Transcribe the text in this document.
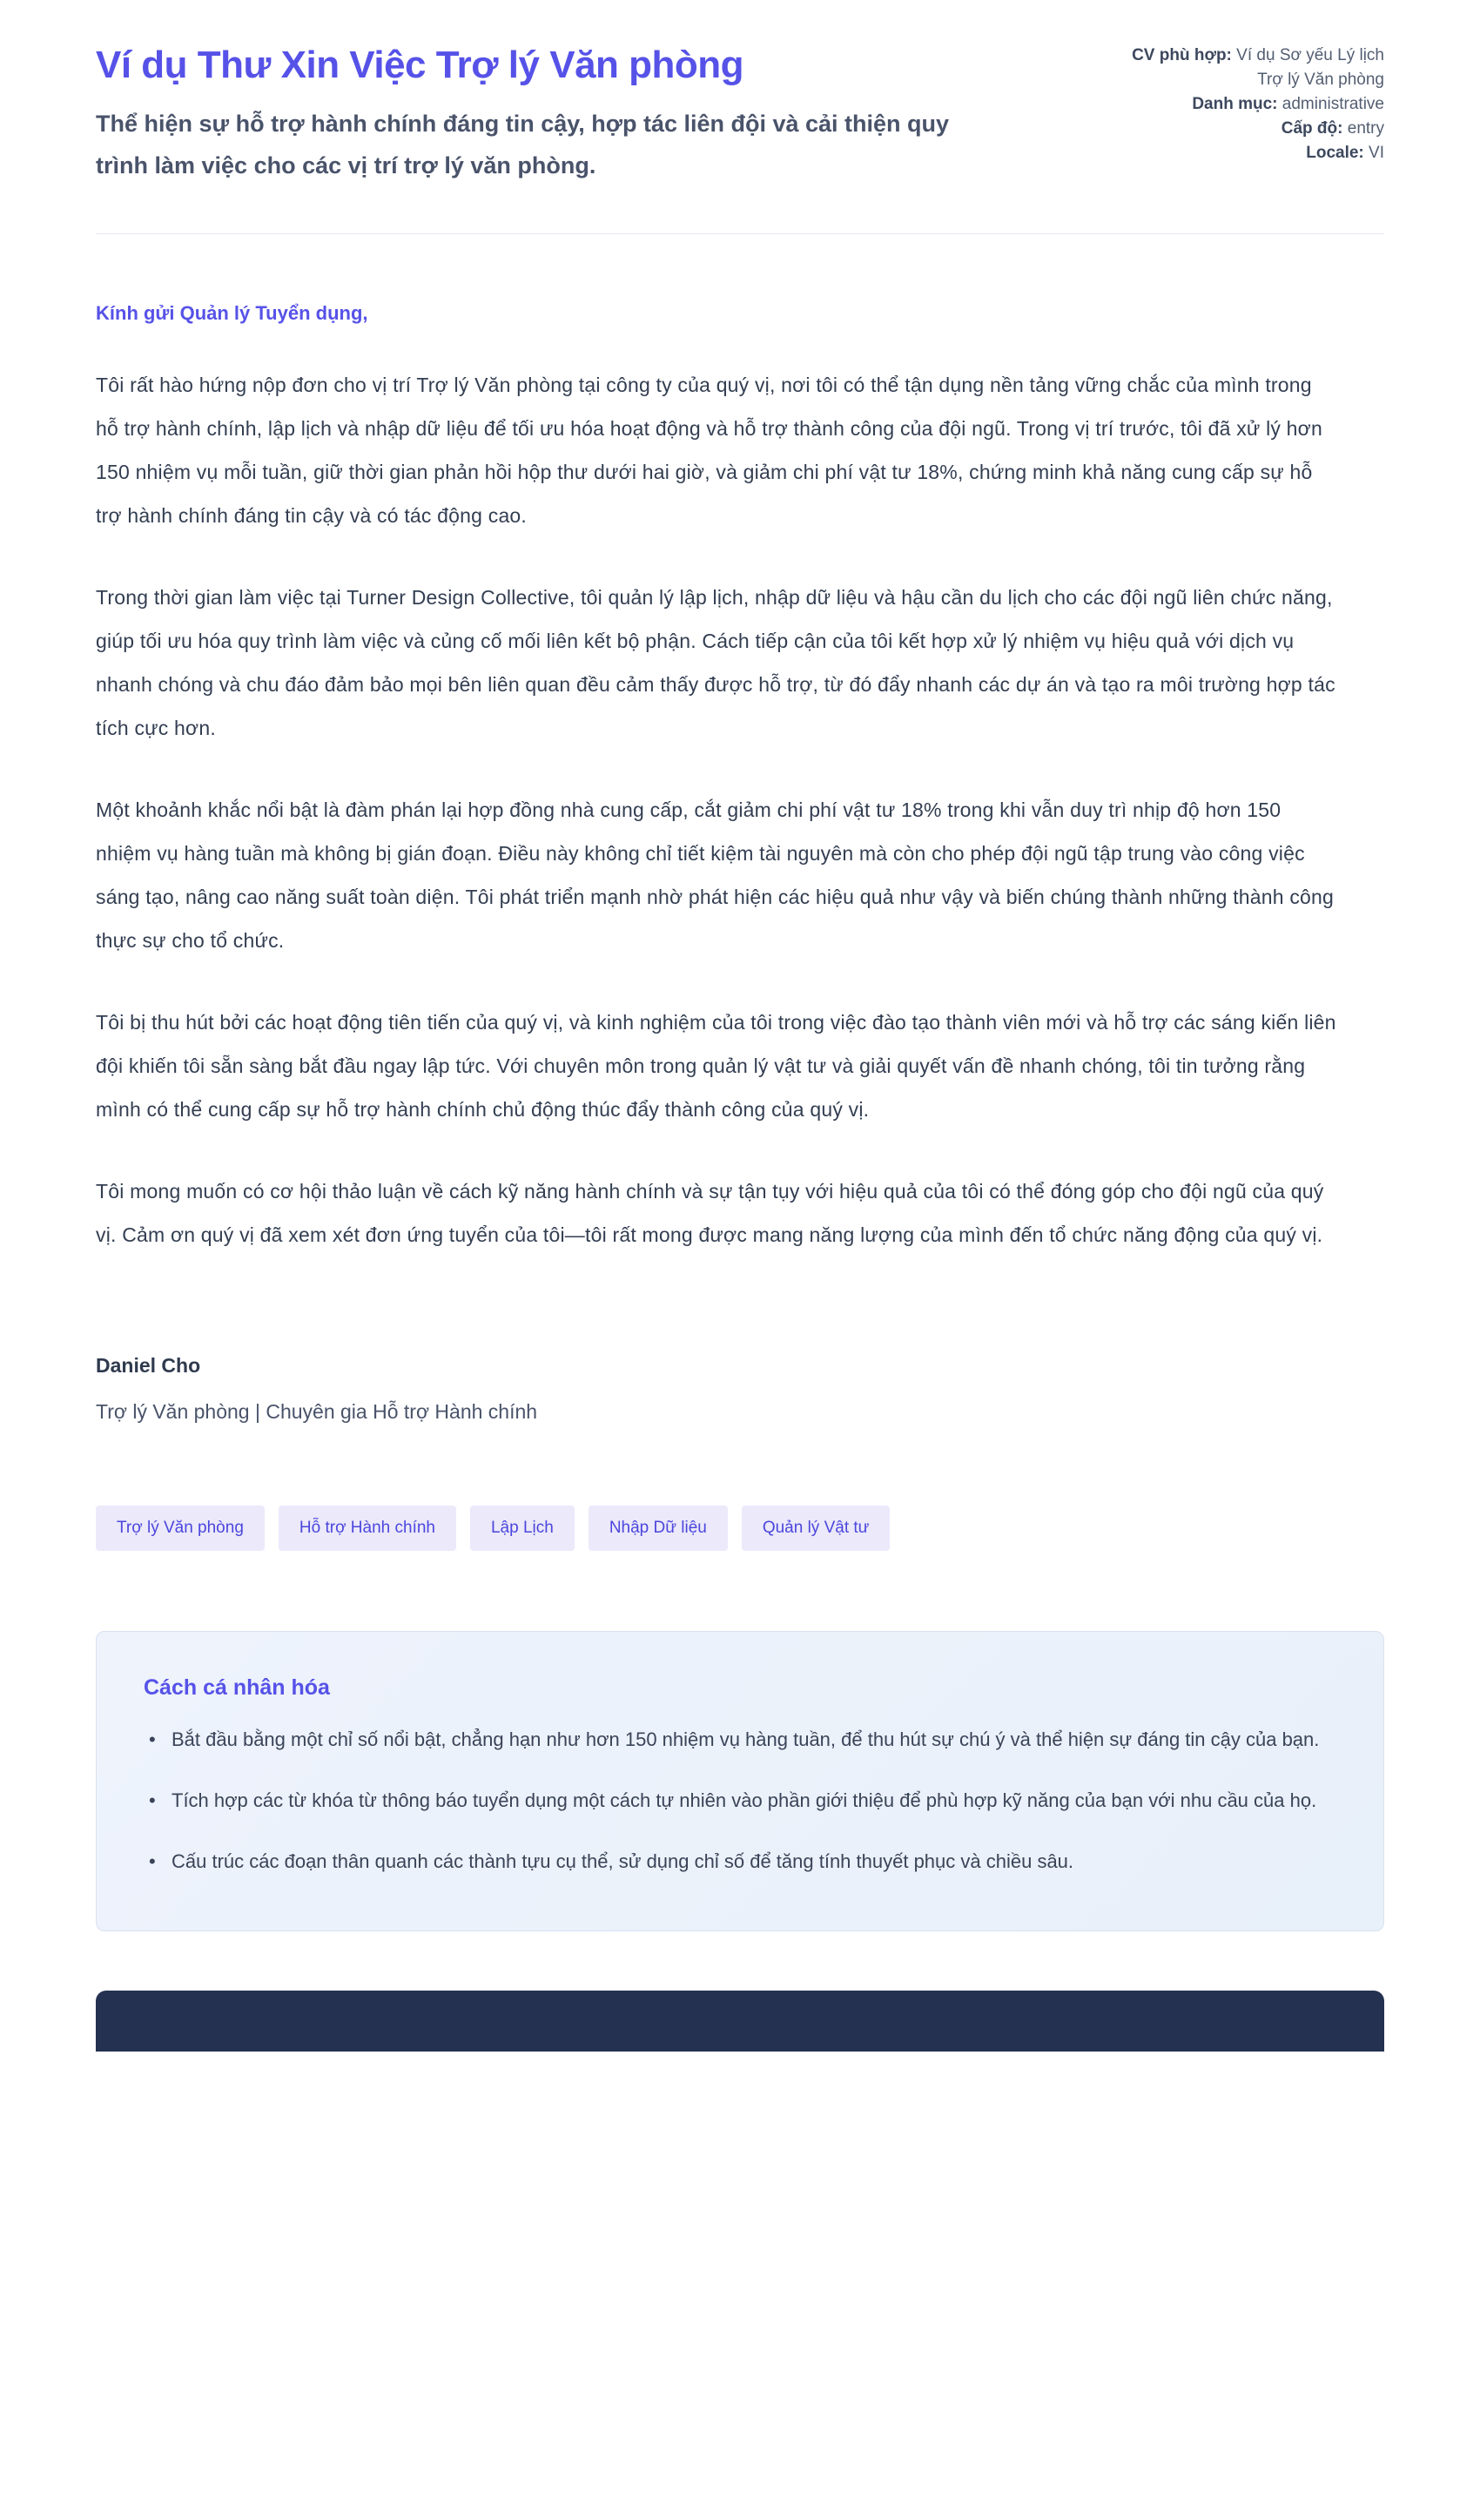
Ví dụ Thư Xin Việc Trợ lý Văn phòng

Thể hiện sự hỗ trợ hành chính đáng tin cậy, hợp tác liên đội và cải thiện quy trình làm việc cho các vị trí trợ lý văn phòng.

CV phù hợp: Ví dụ Sơ yếu Lý lịch Trợ lý Văn phòng

Danh mục: administrative

Cấp độ: entry

Locale: VI

Kính gửi Quản lý Tuyển dụng,

Tôi rất hào hứng nộp đơn cho vị trí Trợ lý Văn phòng tại công ty của quý vị, nơi tôi có thể tận dụng nền tảng vững chắc của mình trong hỗ trợ hành chính, lập lịch và nhập dữ liệu để tối ưu hóa hoạt động và hỗ trợ thành công của đội ngũ. Trong vị trí trước, tôi đã xử lý hơn 150 nhiệm vụ mỗi tuần, giữ thời gian phản hồi hộp thư dưới hai giờ, và giảm chi phí vật tư 18%, chứng minh khả năng cung cấp sự hỗ trợ hành chính đáng tin cậy và có tác động cao.

Trong thời gian làm việc tại Turner Design Collective, tôi quản lý lập lịch, nhập dữ liệu và hậu cần du lịch cho các đội ngũ liên chức năng, giúp tối ưu hóa quy trình làm việc và củng cố mối liên kết bộ phận. Cách tiếp cận của tôi kết hợp xử lý nhiệm vụ hiệu quả với dịch vụ nhanh chóng và chu đáo đảm bảo mọi bên liên quan đều cảm thấy được hỗ trợ, từ đó đẩy nhanh các dự án và tạo ra môi trường hợp tác tích cực hơn.

Một khoảnh khắc nổi bật là đàm phán lại hợp đồng nhà cung cấp, cắt giảm chi phí vật tư 18% trong khi vẫn duy trì nhịp độ hơn 150 nhiệm vụ hàng tuần mà không bị gián đoạn. Điều này không chỉ tiết kiệm tài nguyên mà còn cho phép đội ngũ tập trung vào công việc sáng tạo, nâng cao năng suất toàn diện. Tôi phát triển mạnh nhờ phát hiện các hiệu quả như vậy và biến chúng thành những thành công thực sự cho tổ chức.

Tôi bị thu hút bởi các hoạt động tiên tiến của quý vị, và kinh nghiệm của tôi trong việc đào tạo thành viên mới và hỗ trợ các sáng kiến liên đội khiến tôi sẵn sàng bắt đầu ngay lập tức. Với chuyên môn trong quản lý vật tư và giải quyết vấn đề nhanh chóng, tôi tin tưởng rằng mình có thể cung cấp sự hỗ trợ hành chính chủ động thúc đẩy thành công của quý vị.

Tôi mong muốn có cơ hội thảo luận về cách kỹ năng hành chính và sự tận tụy với hiệu quả của tôi có thể đóng góp cho đội ngũ của quý vị. Cảm ơn quý vị đã xem xét đơn ứng tuyển của tôi—tôi rất mong được mang năng lượng của mình đến tổ chức năng động của quý vị.

Daniel Cho

Trợ lý Văn phòng | Chuyên gia Hỗ trợ Hành chính

Trợ lý Văn phòng	Hỗ trợ Hành chính	Lập Lịch	Nhập Dữ liệu	Quản lý Vật tư
Cách cá nhân hóa
• Bắt đầu bằng một chỉ số nổi bật, chẳng hạn như hơn 150 nhiệm vụ hàng tuần, để thu hút sự chú ý và thể hiện sự đáng tin cậy của bạn.
• Tích hợp các từ khóa từ thông báo tuyển dụng một cách tự nhiên vào phần giới thiệu để phù hợp kỹ năng của bạn với nhu cầu của họ.
• Cấu trúc các đoạn thân quanh các thành tựu cụ thể, sử dụng chỉ số để tăng tính thuyết phục và chiều sâu.
